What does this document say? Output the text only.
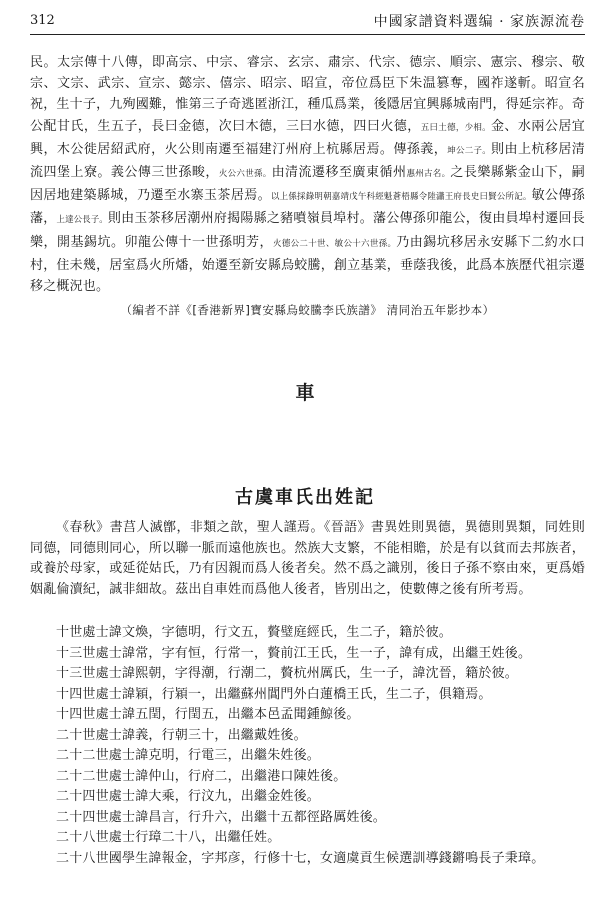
312	中國家譜資料選编 · 家族源流卷

民。太宗傳十八傳，即高宗、中宗、睿宗、玄宗、肅宗、代宗、德宗、順宗、憲宗、穆宗、敬宗、文宗、武宗、宣宗、懿宗、僖宗、昭宗、昭宣，帝位爲臣下朱温篡奪，國祚遂斬。昭宣名祝，生十子，九殉國難，惟第三子奇逃匿浙江，種瓜爲業，後隱居宜興縣城南門，得延宗祚。奇公配甘氏，生五子，長曰金德，次曰木德，三曰水德，四曰火德，五曰土德，少相。金、水兩公居宜興，木公徙居紹武府，火公則南遷至福建汀州府上杭縣居焉。傳孫義，坤公二子。則由上杭移居清流四堡上寮。義公傳三世孫畯，火公六世孫。由清流遷移至廣東循州惠州古名。之長樂縣紫金山下，嗣因居地建築縣城，乃遷至水寨玉茶居焉。以上係採錄明朝嘉靖戊午科經魁蒼梧縣令陸瀟王府長史曰賢公所記。敏公傳孫藩，上達公長子。則由玉茶移居潮州府揭陽縣之豬噴嶺員埠村。藩公傳孫卯龍公，復由員埠村遷回長樂，開基錫坑。卯龍公傳十一世孫明芳，火德公二十世、敏公十六世孫。乃由錫坑移居永安縣下二約水口村，住未幾，居室爲火所燔，始遷至新安縣烏蛟騰，創立基業，垂蔭我後，此爲本族歷代祖宗遷移之概況也。

（編者不詳《[香港新界]寶安縣烏蛟騰李氏族譜》 清同治五年影抄本）
車
古虞車氏出姓記

《春秋》書莒人滅鄫，非類之歆，聖人謹焉。《晉語》書異姓則異德，異德則異類，同姓則同德，同德則同心，所以聯一脈而遠他族也。然族大支繁，不能相贍，於是有以貧而去邦族者，或養於母家，或延從姑氏，乃有因親而爲人後者矣。然不爲之識別，後日子孫不察由來，更爲婚姻亂倫瀆紀，誠非細故。茲出自車姓而爲他人後者，皆別出之，使數傳之後有所考焉。

十世處士諱文煥，字德明，行文五，贅璧庭經氏，生二子，籍於彼。
十三世處士諱常，字有恒，行常一，贅前江王氏，生一子，諱有成，出繼王姓後。
十三世處士諱熙朝，字得潮，行潮二，贅杭州厲氏，生一子，諱沈晉，籍於彼。
十四世處士諱㯋，行㯋一，出繼蘇州閶門外白蓮橋王氏，生二子，俱籍焉。
十四世處士諱五閏，行閏五，出繼本邑孟聞鍾鯨後。
二十世處士諱義，行朝三十，出繼戴姓後。
二十二世處士諱克明，行電三，出繼朱姓後。
二十二世處士諱仲山，行府二，出繼港口陳姓後。
二十四世處士諱大乘，行汶九，出繼金姓後。
二十四世處士諱昌言，行升六，出繼十五都徑路厲姓後。
二十八世處士行璋二十八，出繼任姓。
二十八世國學生諱報金，字邦彦，行修十七，女適虞貢生候選訓導錢鏘鳴長子秉璋。
